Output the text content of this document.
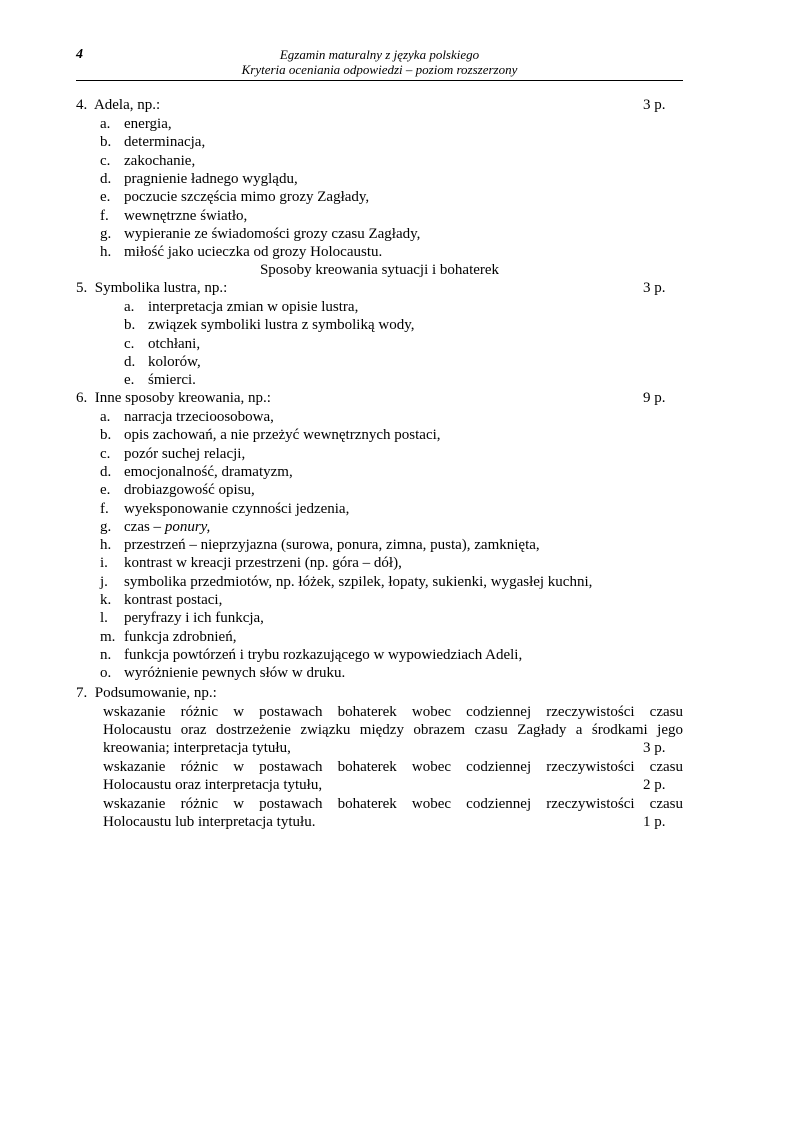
4	Egzamin maturalny z języka polskiego
Kryteria oceniania odpowiedzi – poziom rozszerzony
4. Adela, np.:	3 p.
a. energia,
b. determinacja,
c. zakochanie,
d. pragnienie ładnego wyglądu,
e. poczucie szczęścia mimo grozy Zagłady,
f. wewnętrzne światło,
g. wypieranie ze świadomości grozy czasu Zagłady,
h. miłość jako ucieczka od grozy Holocaustu.
Sposoby kreowania sytuacji i bohaterek
5. Symbolika lustra, np.:	3 p.
a. interpretacja zmian w opisie lustra,
b. związek symboliki lustra z symboliką wody,
c. otchłani,
d. kolorów,
e. śmierci.
6. Inne sposoby kreowania, np.:	9 p.
a. narracja trzecioosobowa,
b. opis zachowań, a nie przeżyć wewnętrznych postaci,
c. pozór suchej relacji,
d. emocjonalność, dramatyzm,
e. drobiazgowość opisu,
f. wyeksponowanie czynności jedzenia,
g. czas – ponury,
h. przestrzeń – nieprzyjazna (surowa, ponura, zimna, pusta), zamknięta,
i. kontrast w kreacji przestrzeni (np. góra – dół),
j. symbolika przedmiotów, np. łóżek, szpilek, łopaty, sukienki, wygasłej kuchni,
k. kontrast postaci,
l. peryfrazy i ich funkcja,
m. funkcja zdrobnień,
n. funkcja powtórzeń i trybu rozkazującego w wypowiedziach Adeli,
o. wyróżnienie pewnych słów w druku.
7. Podsumowanie, np.:
wskazanie różnic w postawach bohaterek wobec codziennej rzeczywistości czasu
Holocaustu oraz dostrzeżenie związku między obrazem czasu Zagłady a środkami jego
kreowania; interpretacja tytułu,	3 p.
wskazanie różnic w postawach bohaterek wobec codziennej rzeczywistości czasu
Holocaustu oraz interpretacja tytułu,	2 p.
wskazanie różnic w postawach bohaterek wobec codziennej rzeczywistości czasu
Holocaustu lub interpretacja tytułu.	1 p.
